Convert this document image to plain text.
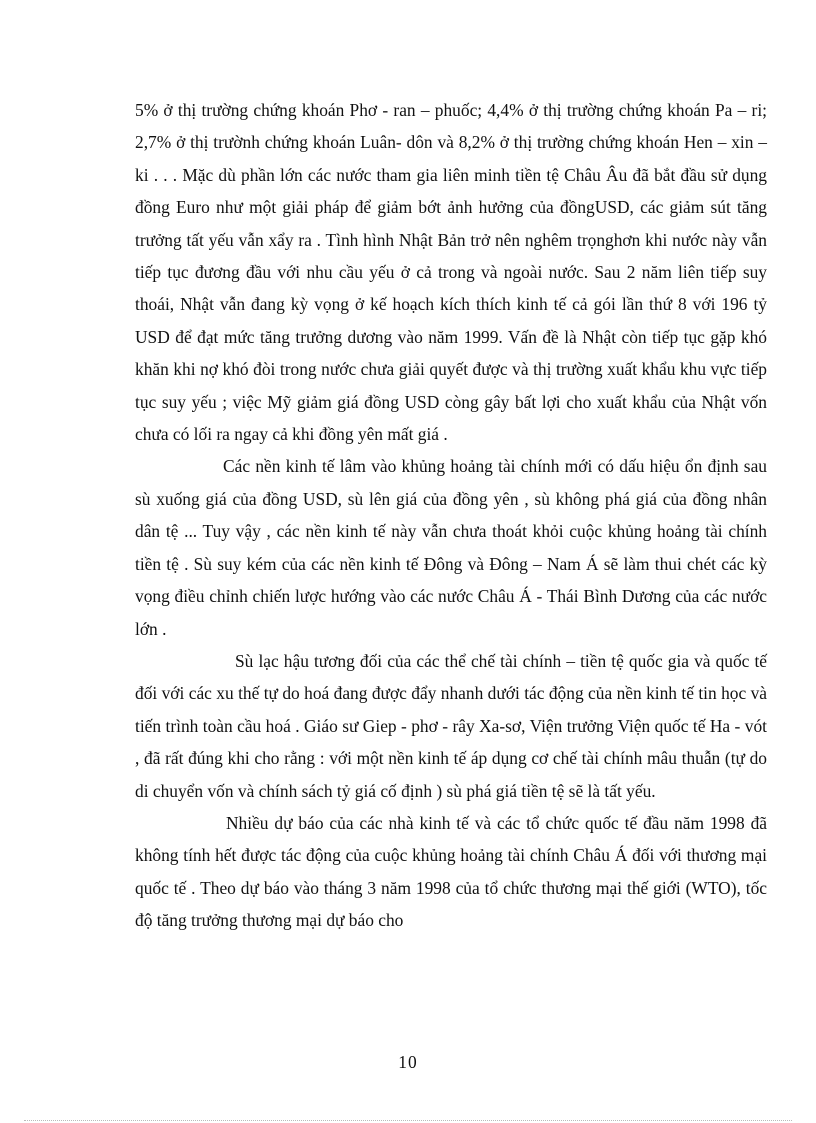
5% ở thị trường chứng khoán Phơ - ran – phuốc; 4,4% ở thị trường chứng khoán Pa – ri; 2,7% ở thị trườnh chứng khoán Luân- dôn và 8,2% ở thị trường chứng khoán Hen – xin – ki . . . Mặc dù phần lớn các nước tham gia liên minh tiền tệ Châu Âu đã bắt đầu sử dụng đồng Euro như một giải pháp để giảm bớt ảnh hưởng của đồngUSD, các giảm sút tăng trưởng tất yếu vẫn xẩy ra . Tình hình Nhật Bản trở nên nghêm trọnghơn khi nước này vẫn tiếp tục đương đầu với nhu cầu yếu ở cả trong và ngoài nước. Sau 2 năm liên tiếp suy thoái, Nhật vẫn đang kỳ vọng ở kế hoạch kích thích kinh tế cả gói lần thứ 8 với 196 tỷ USD để đạt mức tăng trưởng dương vào năm 1999. Vấn đề là Nhật còn tiếp tục gặp khó khăn khi nợ khó đòi trong nước chưa giải quyết được và thị trường xuất khẩu khu vực tiếp tục suy yếu ; việc Mỹ giảm giá đồng USD còng gây bất lợi cho xuất khẩu của Nhật vốn chưa có lối ra ngay cả khi đồng yên mất giá .

Các nền kinh tế lâm vào khủng hoảng tài chính mới có dấu hiệu ổn định sau sù xuống giá của đồng USD, sù lên giá của đồng yên , sù không phá giá của đồng nhân dân tệ ... Tuy vậy , các nền kinh tế này vẫn chưa thoát khỏi cuộc khủng hoảng tài chính tiền tệ . Sù suy kém của các nền kinh tế Đông và Đông – Nam Á sẽ làm thui chét các kỳ vọng điều chỉnh chiến lược hướng vào các nước Châu Á - Thái Bình Dương của các nước lớn .

Sù lạc hậu tương đối của các thể chế tài chính – tiền tệ quốc gia và quốc tế đối với các xu thế tự do hoá đang được đẩy nhanh dưới tác động của nền kinh tế tin học và tiến trình toàn cầu hoá . Giáo sư Giep - phơ - rây Xa-sơ, Viện trưởng Viện quốc tế Ha - vót , đã rất đúng khi cho rằng : với một nền kinh tế áp dụng cơ chế tài chính mâu thuẫn (tự do di chuyển vốn và chính sách tỷ giá cố định ) sù phá giá tiền tệ sẽ là tất yếu.

Nhiều dự báo của các nhà kinh tế và các tổ chức quốc tế đầu năm 1998 đã không tính hết được tác động của cuộc khủng hoảng tài chính Châu Á đối với thương mại quốc tế . Theo dự báo vào tháng 3 năm 1998 của tổ chức thương mại thế giới (WTO), tốc độ tăng trưởng thương mại dự báo cho

10
